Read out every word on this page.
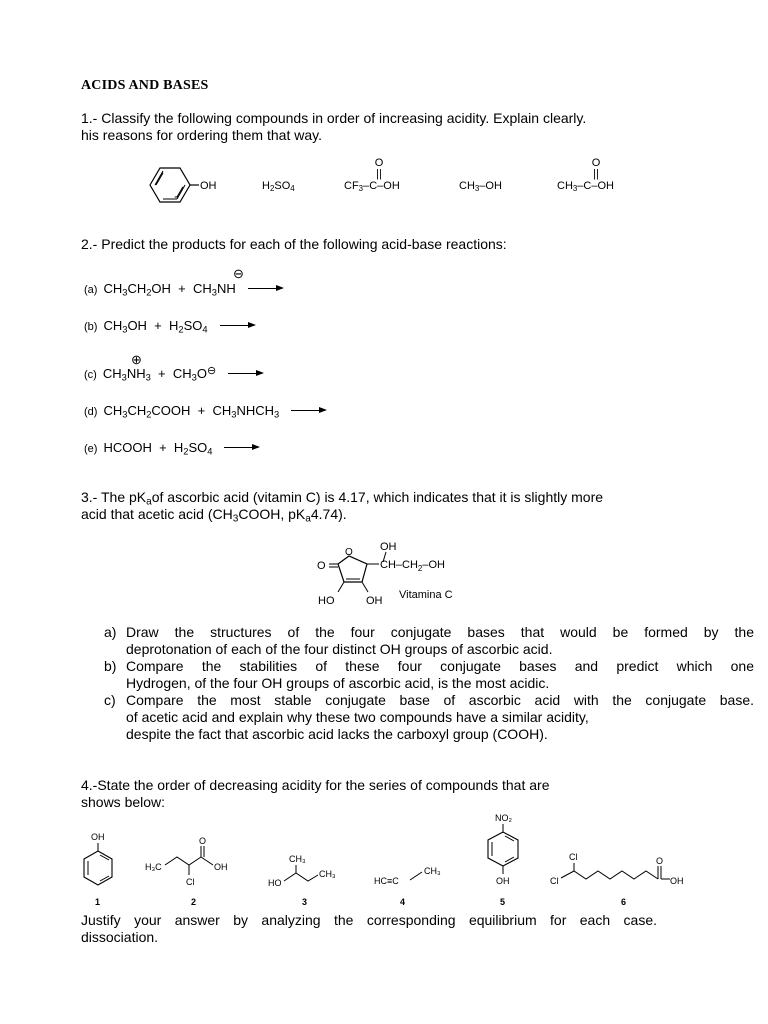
ACIDS AND BASES
1.- Classify the following compounds in order of increasing acidity. Explain clearly.
his reasons for ordering them that way.
OH	$H_2SO_4$	$CF_3-C-OH$
O
||
$CH_3-OH$	$CH_3-C-OH$
O
||
2.- Predict the products for each of the following acid-base reactions:
(a) $CH_3CH_2OH + CH_3NH$ →
⊖
(b) $CH_3OH + H_2SO_4$ →
(c) $CH_3NH_3 + CH_3O^⊖$ →
⊕
(d) $CH_3CH_2COOH$  +  $CH_3NHCH_3$ →
(e) HCOOH  +  $H_2SO_4$ →
3.- The $pK_aof$ ascorbic acid (vitamin C) is 4.17, which indicates that it is slightly more
acid that acetic acid ($CH_3COOH$, $pK_a4.74$).
OH
$CH-CH_2-OH$
O
O
HO	OH Vitamina C
a) Draw the structures of the four conjugate bases that would be formed by the
deprotonation of each of the four distinct OH groups of ascorbic acid.
b) Compare the stabilities of these four conjugate bases and predict which one
Hydrogen, of the four OH groups of ascorbic acid, is the most acidic.
c) Compare the most stable conjugate base of ascorbic acid with the conjugate base.
of acetic acid and explain why these two compounds have a similar acidity,
despite the fact that ascorbic acid lacks the carboxyl group (COOH).
4.-State the order of decreasing acidity for the series of compounds that are
shows below:
OH
H₃C
O
OH
Cl
CH₃
CH₃
HO	HC≡C
CH₃
NO₂
OH
Cl
Cl
O
OH
1	2	3	4	5	6
Justify your answer by analyzing the corresponding equilibrium for each case.
dissociation.
